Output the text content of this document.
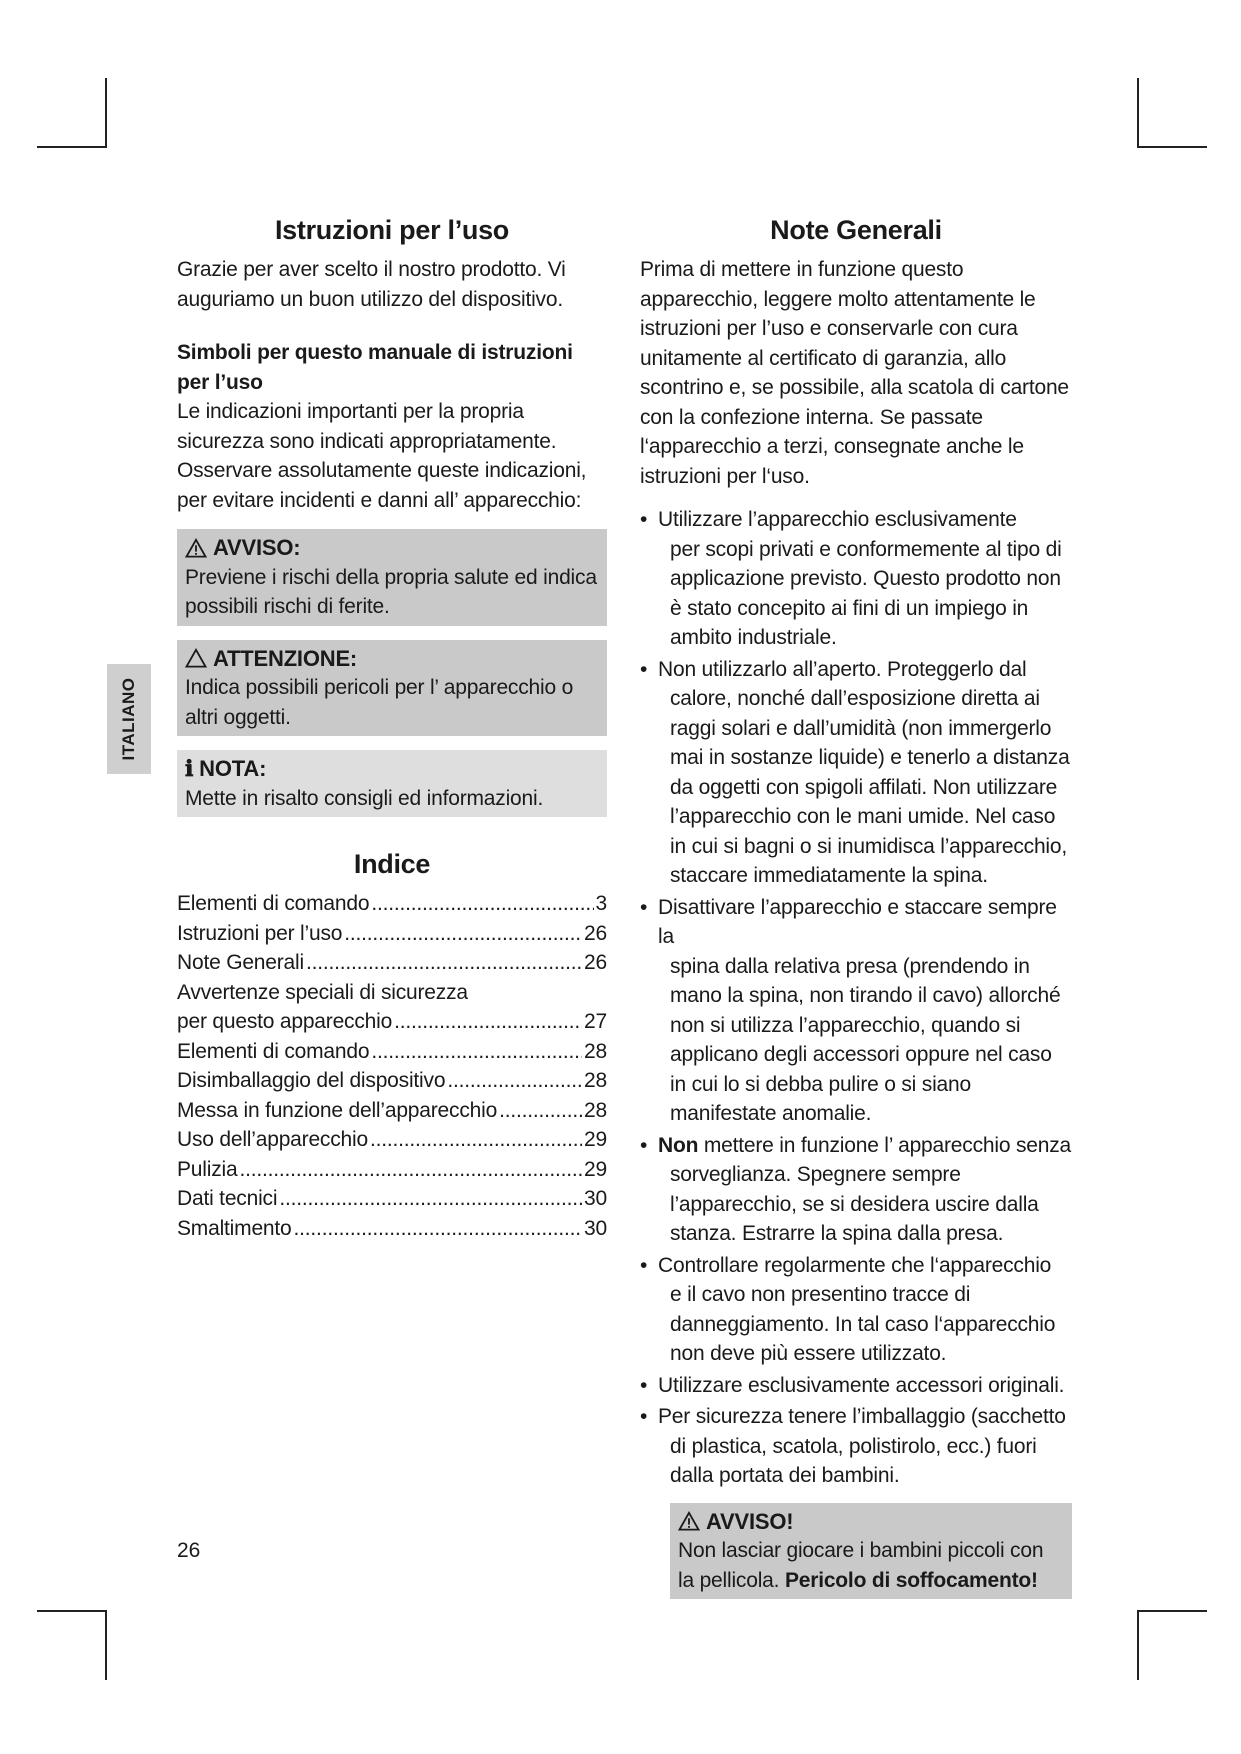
ITALIANO
Istruzioni per l’uso

Grazie per aver scelto il nostro prodotto. Vi auguriamo un buon utilizzo del dispositivo.

Simboli per questo manuale di istruzioni per l’uso

Le indicazioni importanti per la propria sicurezza sono indicati appropriatamente. Osservare assolutamente queste indicazioni, per evitare incidenti e danni all’ apparecchio:

AVVISO:

Previene i rischi della propria salute ed indica possibili rischi di ferite.

ATTENZIONE:

Indica possibili pericoli per l’ apparecchio o altri oggetti.

ℹ NOTA:

Mette in risalto consigli ed informazioni.

Indice
Elementi di comando .....	3
Istruzioni per l’uso .....	26
Note Generali .....	26
Avvertenze speciali di sicurezza
per questo apparecchio .....	27
Elementi di comando .....	28
Disimballaggio del dispositivo .....	28
Messa in funzione dell’apparecchio .....	28
Uso dell’apparecchio .....	29
Pulizia .....	29
Dati tecnici .....	30
Smaltimento .....	30
Note Generali

Prima di mettere in funzione questo apparecchio, leggere molto attentamente le istruzioni per l’uso e conservarle con cura unitamente al certificato di garanzia, allo scontrino e, se possibile, alla scatola di cartone con la confezione interna. Se passate l‘apparecchio a terzi, consegnate anche le istruzioni per l‘uso.

• Utilizzare l’apparecchio esclusivamente
per scopi privati e conformemente al tipo di applicazione previsto. Questo prodotto non è stato concepito ai fini di un impiego in ambito industriale.
• Non utilizzarlo all’aperto. Proteggerlo dal
calore, nonché dall’esposizione diretta ai raggi solari e dall’umidità (non immergerlo mai in sostanze liquide) e tenerlo a distanza da oggetti con spigoli affilati. Non utilizzare l’apparecchio con le mani umide. Nel caso in cui si bagni o si inumidisca l’apparecchio, staccare immediatamente la spina.
• Disattivare l’apparecchio e staccare sempre la
spina dalla relativa presa (prendendo in mano la spina, non tirando il cavo) allorché non si utilizza l’apparecchio, quando si applicano degli accessori oppure nel caso in cui lo si debba pulire o si siano manifestate anomalie.
• Non mettere in funzione l’ apparecchio senza
sorveglianza. Spegnere sempre l’apparecchio, se si desidera uscire dalla stanza. Estrarre la spina dalla presa.
• Controllare regolarmente che l‘apparecchio
e il cavo non presentino tracce di danneggiamento. In tal caso l‘apparecchio non deve più essere utilizzato.
• Utilizzare esclusivamente accessori originali.
• Per sicurezza tenere l’imballaggio (sacchetto
di plastica, scatola, polistirolo, ecc.) fuori dalla portata dei bambini.
AVVISO!

Non lasciar giocare i bambini piccoli con la pellicola. Pericolo di soffocamento!

26
